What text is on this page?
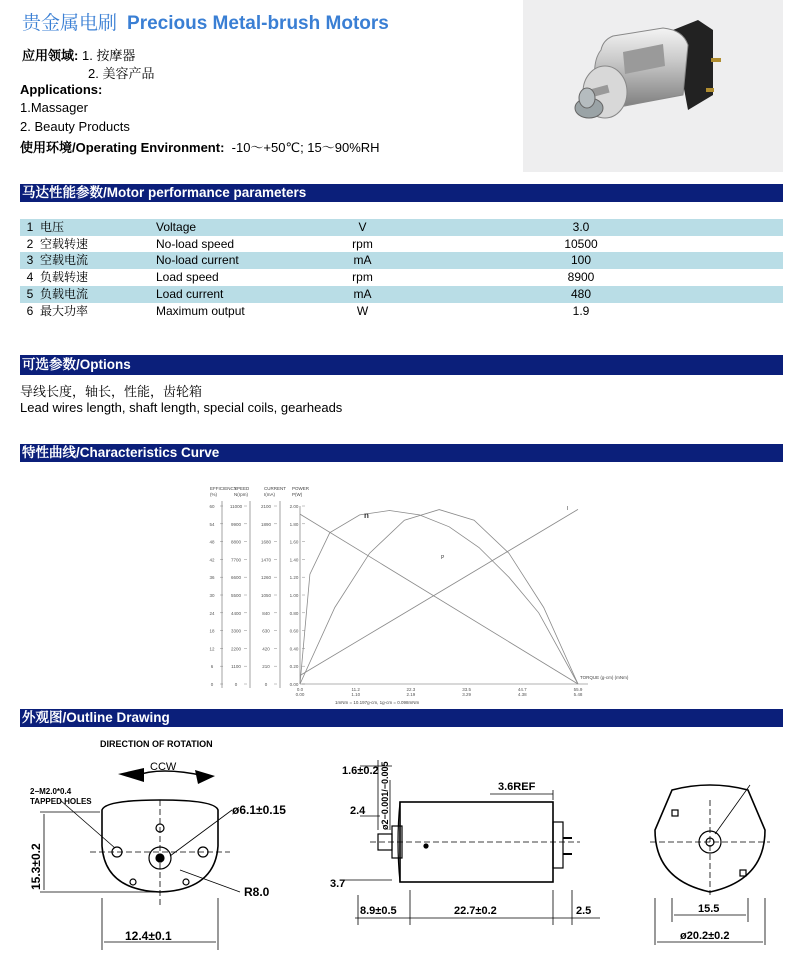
贵金属电刷 Precious Metal-brush Motors
应用领域: 1. 按摩器
2. 美容产品
Applications:
1.Massager
2. Beauty Products
使用环境/Operating Environment: -10～+50℃; 15～90%RH
马达性能参数/Motor performance parameters
1	电压	Voltage	V	3.0
2	空载转速	No-load speed	rpm	10500
3	空载电流	No-load current	mA	100
4	负载转速	Load speed	rpm	8900
5	负载电流	Load current	mA	480
6	最大功率	Maximum output	W	1.9
可选参数/Options
导线长度，轴长，性能，齿轮箱
Lead wires length, shaft length, special coils, gearheads
特性曲线/Characteristics Curve
EFFICIENCY
(%)
SPEED
N(rpm)
CURRENT
I(mA)
POWER
P(W)
0
6
12
18
24
30
36
42
48
54
60
0
1100
2200
3300
4400
5500
6600
7700
8800
9900
11000
0
210
420
630
840
1050
1260
1470
1680
1890
2100
0.00
0.20
0.40
0.60
0.80
1.00
1.20
1.40
1.60
1.80
2.00
0.0
0.00
11.2
1.10
22.3
2.19
33.5
3.29
44.7
4.38
55.9
5.48
TORQUE (g-cm) (mNm)
1mNm = 10.197g-cm, 1g-cm = 0.098mNm
n
P
I
外观图/Outline Drawing
DIRECTION OF ROTATION
CCW
2−M2.0*0.4
TAPPED HOLES
ø6.1±0.15
R8.0
15.3±0.2
12.4±0.1
1.6±0.2 ø2−0.001/−0.005
2.4
3.6REF
3.7
8.9±0.5	22.7±0.2	2.5	15.5
ø20.2±0.2
